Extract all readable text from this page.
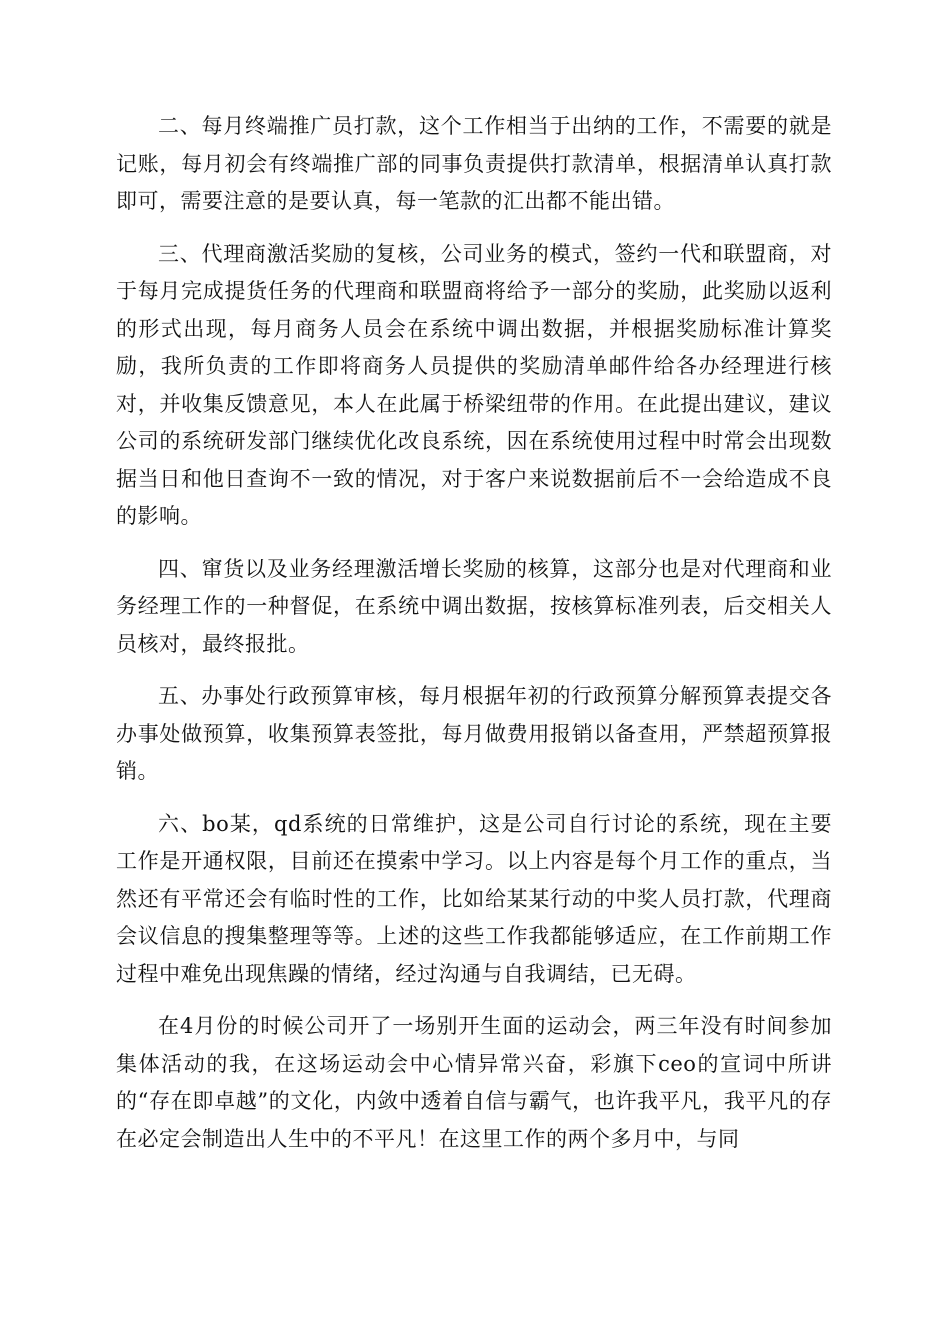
二、每月终端推广员打款，这个工作相当于出纳的工作，不需要的就是记账，每月初会有终端推广部的同事负责提供打款清单，根据清单认真打款即可，需要注意的是要认真，每一笔款的汇出都不能出错。

三、代理商激活奖励的复核，公司业务的模式，签约一代和联盟商，对于每月完成提货任务的代理商和联盟商将给予一部分的奖励，此奖励以返利的形式出现，每月商务人员会在系统中调出数据，并根据奖励标准计算奖励，我所负责的工作即将商务人员提供的奖励清单邮件给各办经理进行核对，并收集反馈意见，本人在此属于桥梁纽带的作用。在此提出建议，建议公司的系统研发部门继续优化改良系统，因在系统使用过程中时常会出现数据当日和他日查询不一致的情况，对于客户来说数据前后不一会给造成不良的影响。

四、窜货以及业务经理激活增长奖励的核算，这部分也是对代理商和业务经理工作的一种督促，在系统中调出数据，按核算标准列表，后交相关人员核对，最终报批。

五、办事处行政预算审核，每月根据年初的行政预算分解预算表提交各办事处做预算，收集预算表签批，每月做费用报销以备查用，严禁超预算报销。

六、bo某，qd系统的日常维护，这是公司自行讨论的系统，现在主要工作是开通权限，目前还在摸索中学习。以上内容是每个月工作的重点，当然还有平常还会有临时性的工作，比如给某某行动的中奖人员打款，代理商会议信息的搜集整理等等。上述的这些工作我都能够适应，在工作前期工作过程中难免出现焦躁的情绪，经过沟通与自我调结，已无碍。

在4月份的时候公司开了一场别开生面的运动会，两三年没有时间参加集体活动的我，在这场运动会中心情异常兴奋，彩旗下ceo的宣词中所讲的“存在即卓越”的文化，内敛中透着自信与霸气，也许我平凡，我平凡的存在必定会制造出人生中的不平凡！在这里工作的两个多月中，与同
